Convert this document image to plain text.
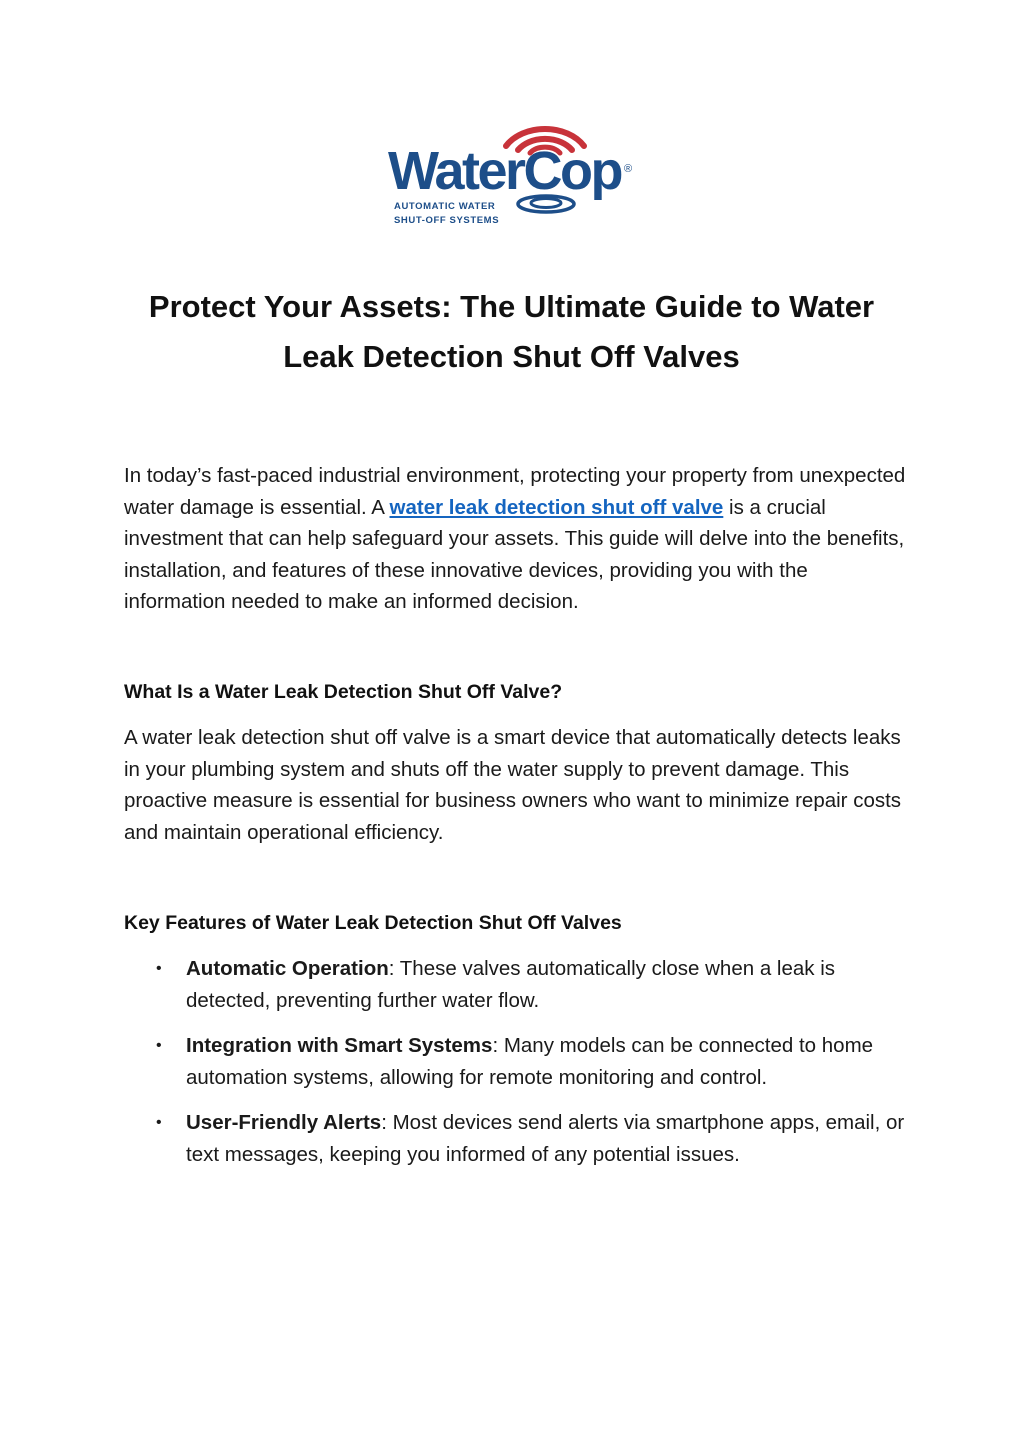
WaterCop ®
AUTOMATIC WATER
SHUT-OFF SYSTEMS
Protect Your Assets: The Ultimate Guide to Water Leak Detection Shut Off Valves

In today’s fast-paced industrial environment, protecting your property from unexpected water damage is essential. A water leak detection shut off valve is a crucial investment that can help safeguard your assets. This guide will delve into the benefits, installation, and features of these innovative devices, providing you with the information needed to make an informed decision.

What Is a Water Leak Detection Shut Off Valve?

A water leak detection shut off valve is a smart device that automatically detects leaks in your plumbing system and shuts off the water supply to prevent damage. This proactive measure is essential for business owners who want to minimize repair costs and maintain operational efficiency.

Key Features of Water Leak Detection Shut Off Valves
• Automatic Operation: These valves automatically close when a leak is detected, preventing further water flow.
• Integration with Smart Systems: Many models can be connected to home automation systems, allowing for remote monitoring and control.
• User-Friendly Alerts: Most devices send alerts via smartphone apps, email, or text messages, keeping you informed of any potential issues.
